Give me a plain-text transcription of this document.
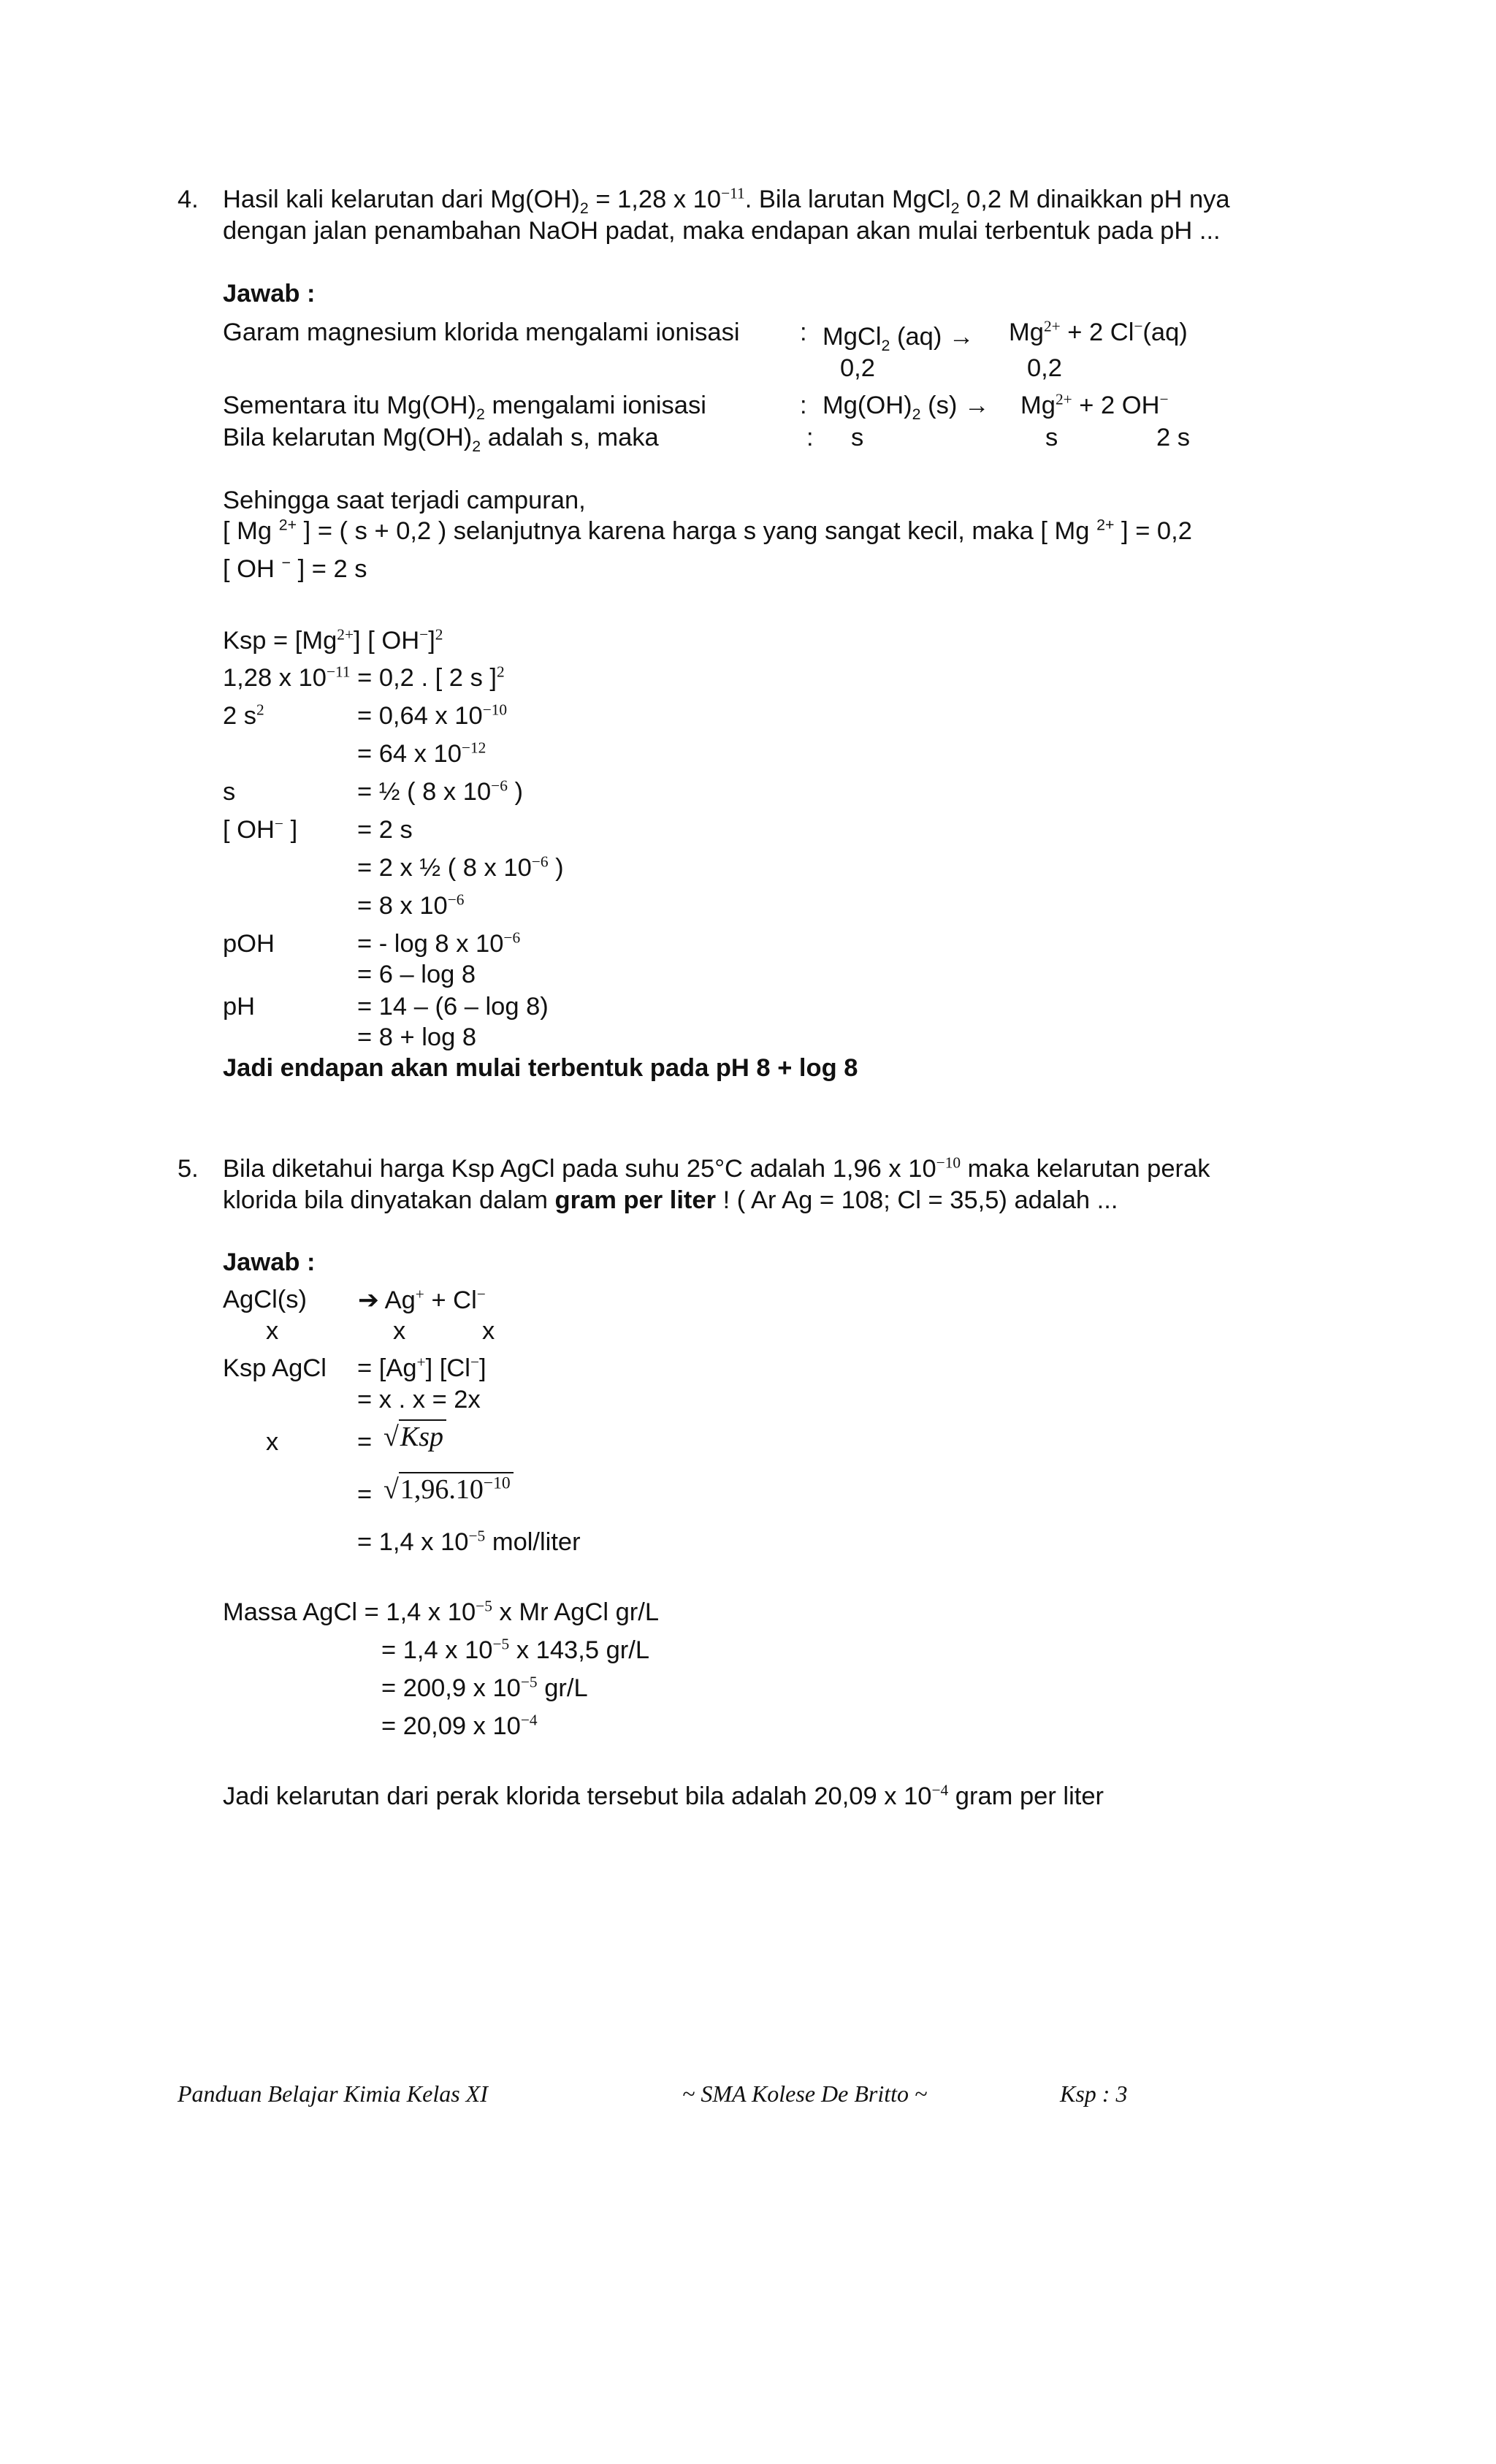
4. Hasil kali kelarutan dari $Mg(OH)_2 = 1,28$ x $10^{-11}$. Bila larutan MgCl$_2$ 0,2 M dinaikkan pH nya
dengan jalan penambahan NaOH padat, maka endapan akan mulai terbentuk pada pH ...
Jawab :
Garam magnesium klorida mengalami ionisasi : MgCl$_2$ $(aq) \to Mg^{2+} + 2$ Cl−(aq)
0,2	0,2
Sementara itu $Mg(OH)_2$ mengalami ionisasi	: $Mg(OH)_2$ $(s) \to Mg^{2+} + 2$ OH−
Bila kelarutan $Mg(OH)_2$ adalah s, maka	: s	s	2 s
Sehingga saat terjadi campuran,
[ Mg $^{2+}$ ] = ( s + 0,2 ) selanjutnya karena harga s yang sangat kecil, maka [ Mg $^{2+}$ ] = 0,2
[ OH − ] = 2 s
Ksp = $[Mg^{2+}]$ [ OH−]$^2$
1,28 x $10^{-11} = 0,2$ . [ 2 s ]$^2$
2 $s^2$	= 0,64 x $10^{-10}$
= 64 x $10^{-12}$
s	= ½ ( 8 x $10^{-6}$ )
[ OH− ] = 2 s
= 2 x ½ ( 8 x $10^{-6}$ )
= 8 x $10^{-6}$
pOH	= - log 8 x $10^{-6}$
= 6 – log 8
pH	= 14 – (6 – log 8)
= 8 + log 8
Jadi endapan akan mulai terbentuk pada pH 8 + log 8
5. Bila diketahui harga Ksp AgCl pada suhu 25°C adalah 1,96 x $10^{-10}$ maka kelarutan perak
klorida bila dinyatakan dalam gram per liter ! ( Ar Ag = 108; Cl = 35,5) adalah ...
Jawab :
AgCl(s) ➔ Ag+ + Cl−
x	x	x
Ksp AgCl = [Ag+] [Cl−]
= x . x = 2x
x	= √Ksp
= $√1,96.10^{-10}$
= 1,4 x $10^{-5}$ mol/liter
Massa AgCl = 1,4 x $10^{-5}$ x Mr AgCl gr/L
= 1,4 x $10^{-5}$ x 143,5 gr/L
= 200,9 x $10^{-5}$ gr/L
= 20,09 x $10^{-4}$
Jadi kelarutan dari perak klorida tersebut bila adalah 20,09 x $10^{-4}$ gram per liter
Panduan Belajar Kimia Kelas XI	~ SMA Kolese De Britto ~	Ksp : 3
